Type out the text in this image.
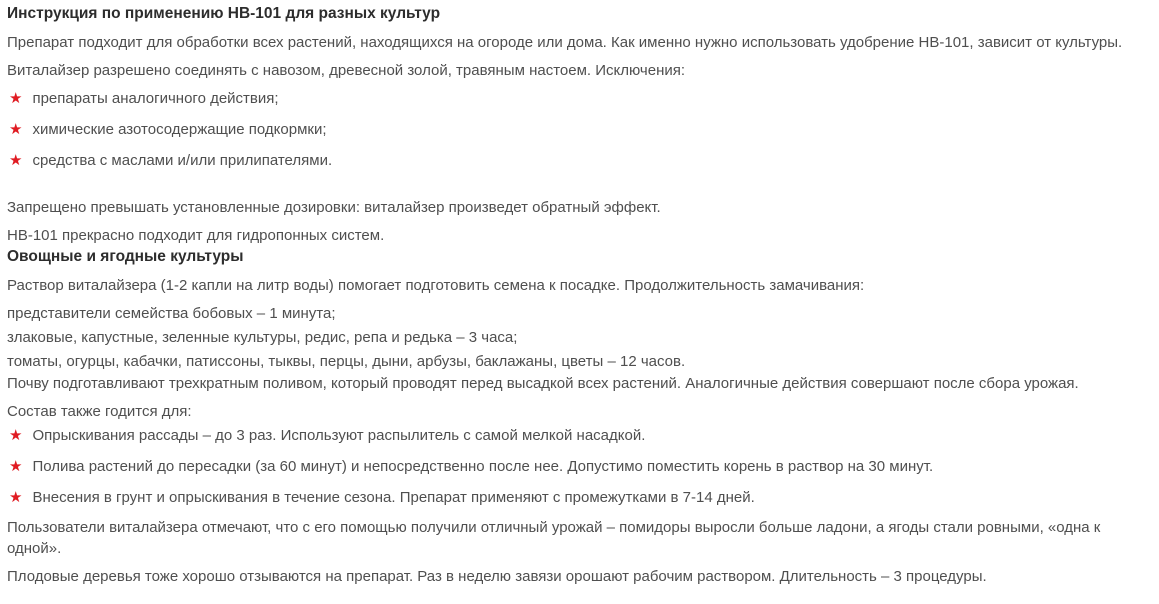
Инструкция по применению НВ-101 для разных культур

Препарат подходит для обработки всех растений, находящихся на огороде или дома. Как именно нужно использовать удобрение НВ-101, зависит от культуры.

Виталайзер разрешено соединять с навозом, древесной золой, травяным настоем. Исключения:

★ препараты аналогичного действия;
★ химические азотосодержащие подкормки;
★ средства с маслами и/или прилипателями.

Запрещено превышать установленные дозировки: виталайзер произведет обратный эффект.

НВ-101 прекрасно подходит для гидропонных систем.

Овощные и ягодные культуры

Раствор виталайзера (1-2 капли на литр воды) помогает подготовить семена к посадке. Продолжительность замачивания:

представители семейства бобовых – 1 минута;

злаковые, капустные, зеленные культуры, редис, репа и редька – 3 часа;

томаты, огурцы, кабачки, патиссоны, тыквы, перцы, дыни, арбузы, баклажаны, цветы – 12 часов.

Почву подготавливают трехкратным поливом, который проводят перед высадкой всех растений. Аналогичные действия совершают после сбора урожая.

Состав также годится для:

★ Опрыскивания рассады – до 3 раз. Используют распылитель с самой мелкой насадкой.
★ Полива растений до пересадки (за 60 минут) и непосредственно после нее. Допустимо поместить корень в раствор на 30 минут.
★ Внесения в грунт и опрыскивания в течение сезона. Препарат применяют с промежутками в 7-14 дней.

Пользователи виталайзера отмечают, что с его помощью получили отличный урожай – помидоры выросли больше ладони, а ягоды стали ровными, «одна к одной».

Плодовые деревья тоже хорошо отзываются на препарат. Раз в неделю завязи орошают рабочим раствором. Длительность – 3 процедуры.
